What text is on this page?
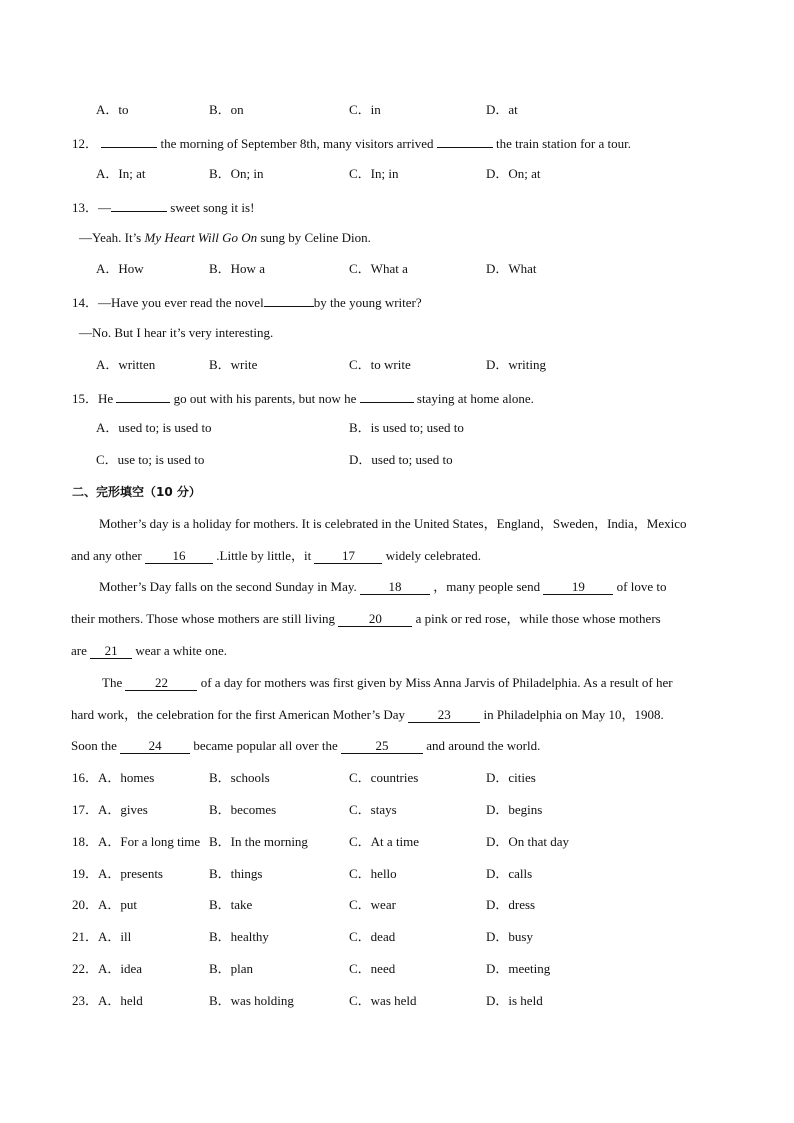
A．to	B．on	C．in	D．at
12．	the morning of September 8th, many visitors arrived	the train station for a tour.
A．In; at	B．On; in	C．In; in	D．On; at
13．—	sweet song it is!
—Yeah. It’s My Heart Will Go On sung by Celine Dion.
A．How	B．How a	C．What a	D．What
14．—Have you ever read the novel	by the young writer?
—No. But I hear it’s very interesting.
A．written	B．write	C．to write	D．writing
15．He	go out with his parents, but now he	staying at home alone.
A．used to; is used to	B．is used to; used to
C．use to; is used to	D．used to; used to
二、完形填空（10 分）
Mother’s day is a holiday for mothers. It is celebrated in the United States，England，Sweden，India，Mexico
and any other 16 .Little by little，it 17 widely celebrated.
Mother’s Day falls on the second Sunday in May. 18 ，many people send 19 of love to
their mothers. Those whose mothers are still living	20	a pink or red rose，while those whose mothers
are 21 wear a white one.
The	22	of a day for mothers was first given by Miss Anna Jarvis of Philadelphia. As a result of her
hard work，the celebration for the first American Mother’s Day	23	in Philadelphia on May 10，1908.
Soon the 24 became popular all over the	25	and around the world.
16．A．homes	B．schools	C．countries	D．cities
17．A．gives	B．becomes	C．stays	D．begins
18．A．For a long time B．In the morning	C．At a time	D．On that day
19．A．presents	B．things	C．hello	D．calls
20．A．put	B．take	C．wear	D．dress
21．A．ill	B．healthy	C．dead	D．busy
22．A．idea	B．plan	C．need	D．meeting
23．A．held	B．was holding	C．was held	D．is held
